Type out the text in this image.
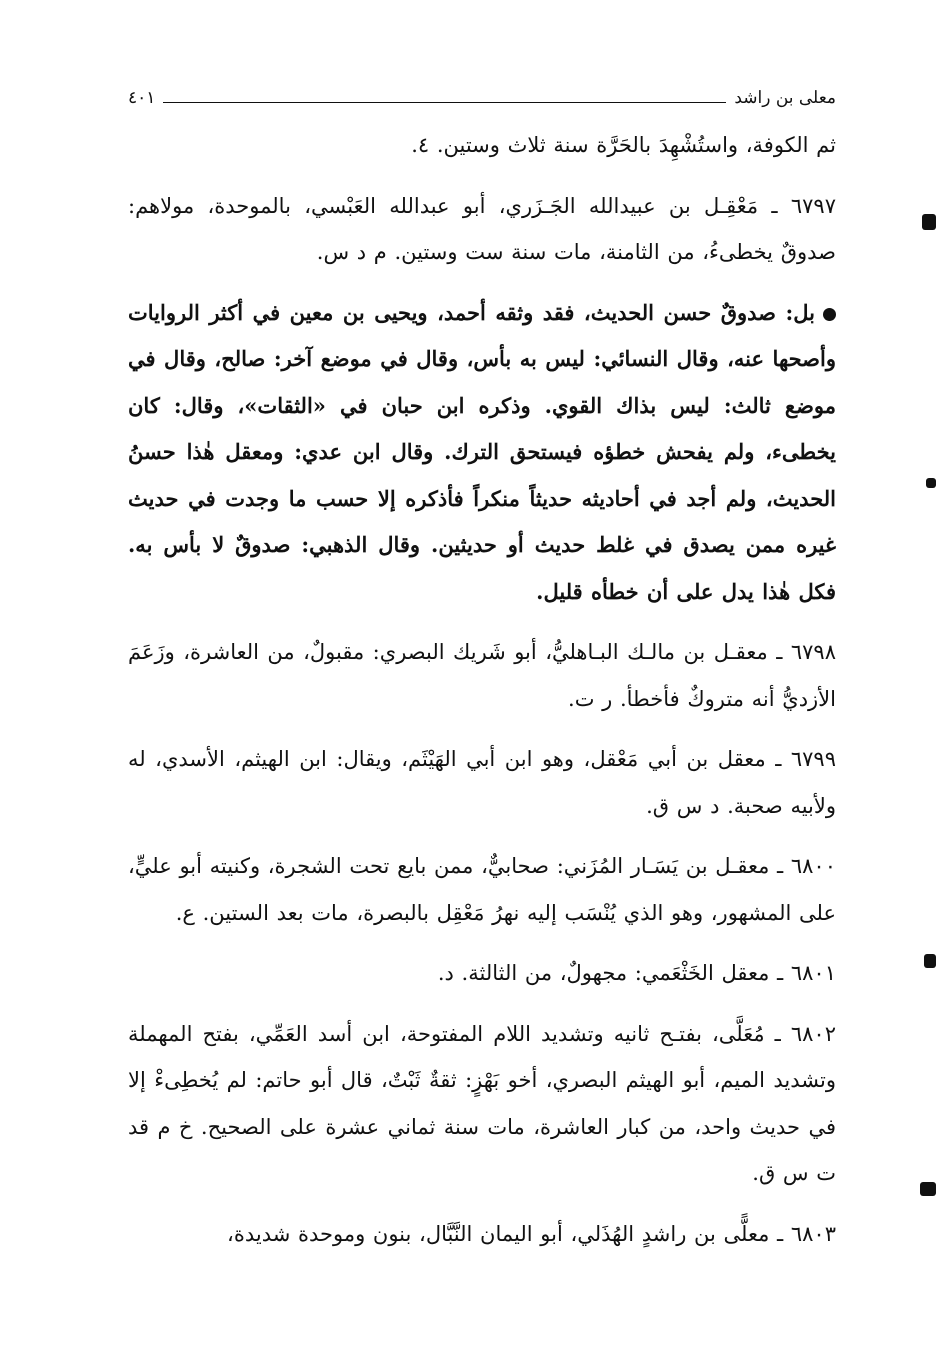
معلى بن راشد
٤٠١

ثم الكوفة، واستُشْهِدَ بالحَرَّة سنة ثلاث وستين. ٤.

٦٧٩٧ ـ مَعْقِـل بن عبيدالله الجَـزَري، أبو عبدالله العَبْسي، بالموحدة، مولاهم: صدوقٌ يخطىءُ، من الثامنة، مات سنة ست وستين. م د س.

بل: صدوقٌ حسن الحديث، فقد وثقه أحمد، ويحيى بن معين في أكثر الروايات وأصحها عنه، وقال النسائي: ليس به بأس، وقال في موضع آخر: صالح، وقال في موضع ثالث: ليس بذاك القوي. وذكره ابن حبان في «الثقات»، وقال: كان يخطىء، ولم يفحش خطؤه فيستحق الترك. وقال ابن عدي: ومعقل هٰذا حسنُ الحديث، ولم أجد في أحاديثه حديثاً منكراً فأذكره إلا حسب ما وجدت في حديث غيره ممن يصدق في غلط حديث أو حديثين. وقال الذهبي: صدوقٌ لا بأس به. فكل هٰذا يدل على أن خطأه قليل.

٦٧٩٨ ـ معقـل بن مالـك البـاهليُّ، أبو شَريك البصري: مقبولٌ، من العاشرة، وزَعَمَ الأزديُّ أنه متروكٌ فأخطأ. ر ت.

٦٧٩٩ ـ معقل بن أبي مَعْقل، وهو ابن أبي الهَيْثَم، ويقال: ابن الهيثم، الأسدي، له ولأبيه صحبة. د س ق.

٦٨٠٠ ـ معقـل بن يَسَـار المُزَني: صحابيٌّ، ممن بايع تحت الشجرة، وكنيته أبو عليٍّ، على المشهور، وهو الذي يُنْسَب إليه نهرُ مَعْقِل بالبصرة، مات بعد الستين. ع.

٦٨٠١ ـ معقل الخَثْعَمي: مجهولٌ، من الثالثة. د.

٦٨٠٢ ـ مُعَلَّى، بفتـح ثانيه وتشديد اللام المفتوحة، ابن أسد العَمِّي، بفتح المهملة وتشديد الميم، أبو الهيثم البصري، أخو بَهْزٍ: ثقةٌ ثَبْتٌ، قال أبو حاتم: لم يُخطِىءْ إلا في حديث واحد، من كبار العاشرة، مات سنة ثماني عشرة على الصحيح. خ م قد ت س ق.

٦٨٠٣ ـ معلًّى بن راشدٍ الهُذَلي، أبو اليمان النَّبَّال، بنون وموحدة شديدة،
